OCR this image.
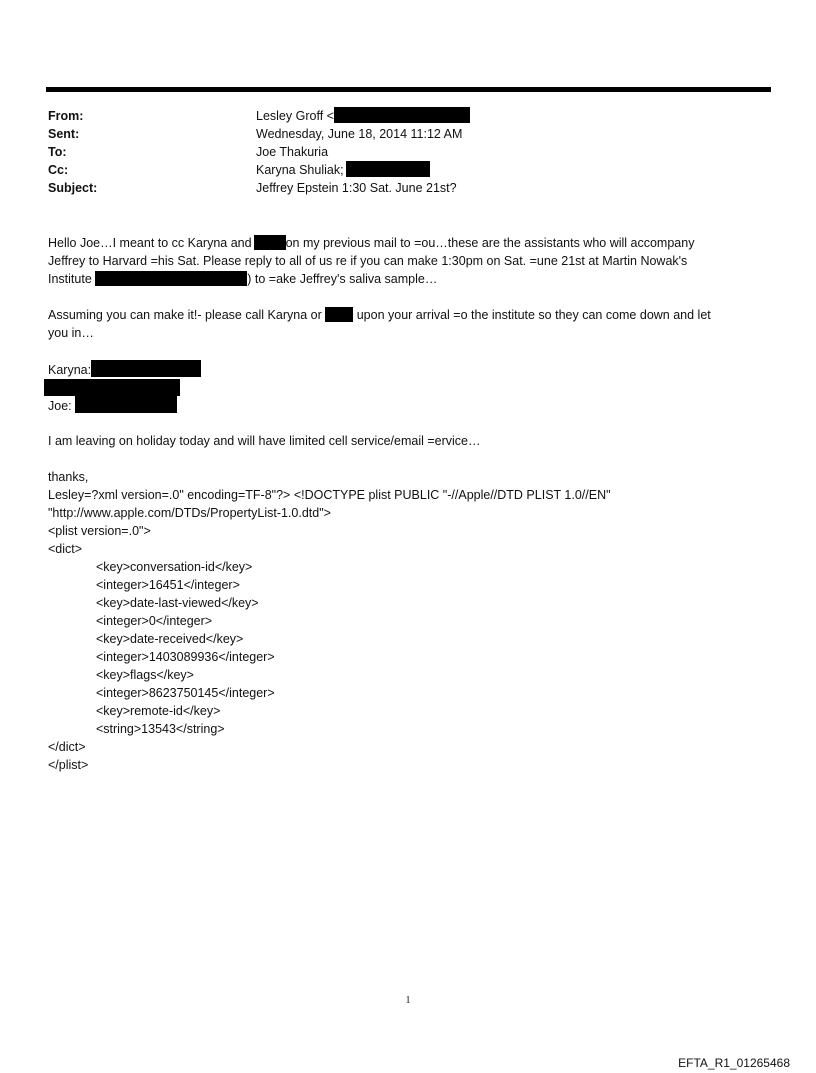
From:	Lesley Groff <
Sent:	Wednesday, June 18, 2014 11:12 AM
To:	Joe Thakuria
Cc:	Karyna Shuliak;
Subject:	Jeffrey Epstein 1:30 Sat. June 21st?
Hello Joe…I meant to cc Karyna and	on my previous mail to =ou…these are the assistants who will accompany
Jeffrey to Harvard =his Sat. Please reply to all of us re if you can make 1:30pm on Sat. =une 21st at Martin Nowak's
Institute	) to =ake Jeffrey's saliva sample…
Assuming you can make it!- please call Karyna or	upon your arrival =o the institute so they can come down and let
you in…
Karyna:
Joe:
I am leaving on holiday today and will have limited cell service/email =ervice…
thanks,
Lesley=?xml version=.0" encoding=TF-8"?> <!DOCTYPE plist PUBLIC "-//Apple//DTD PLIST 1.0//EN"
"http://www.apple.com/DTDs/PropertyList-1.0.dtd">
<plist version=.0">
<dict>
<key>conversation-id</key>
<integer>16451</integer>
<key>date-last-viewed</key>
<integer>0</integer>
<key>date-received</key>
<integer>1403089936</integer>
<key>flags</key>
<integer>8623750145</integer>
<key>remote-id</key>
<string>13543</string>
</dict>
</plist>
1
EFTA_R1_01265468
